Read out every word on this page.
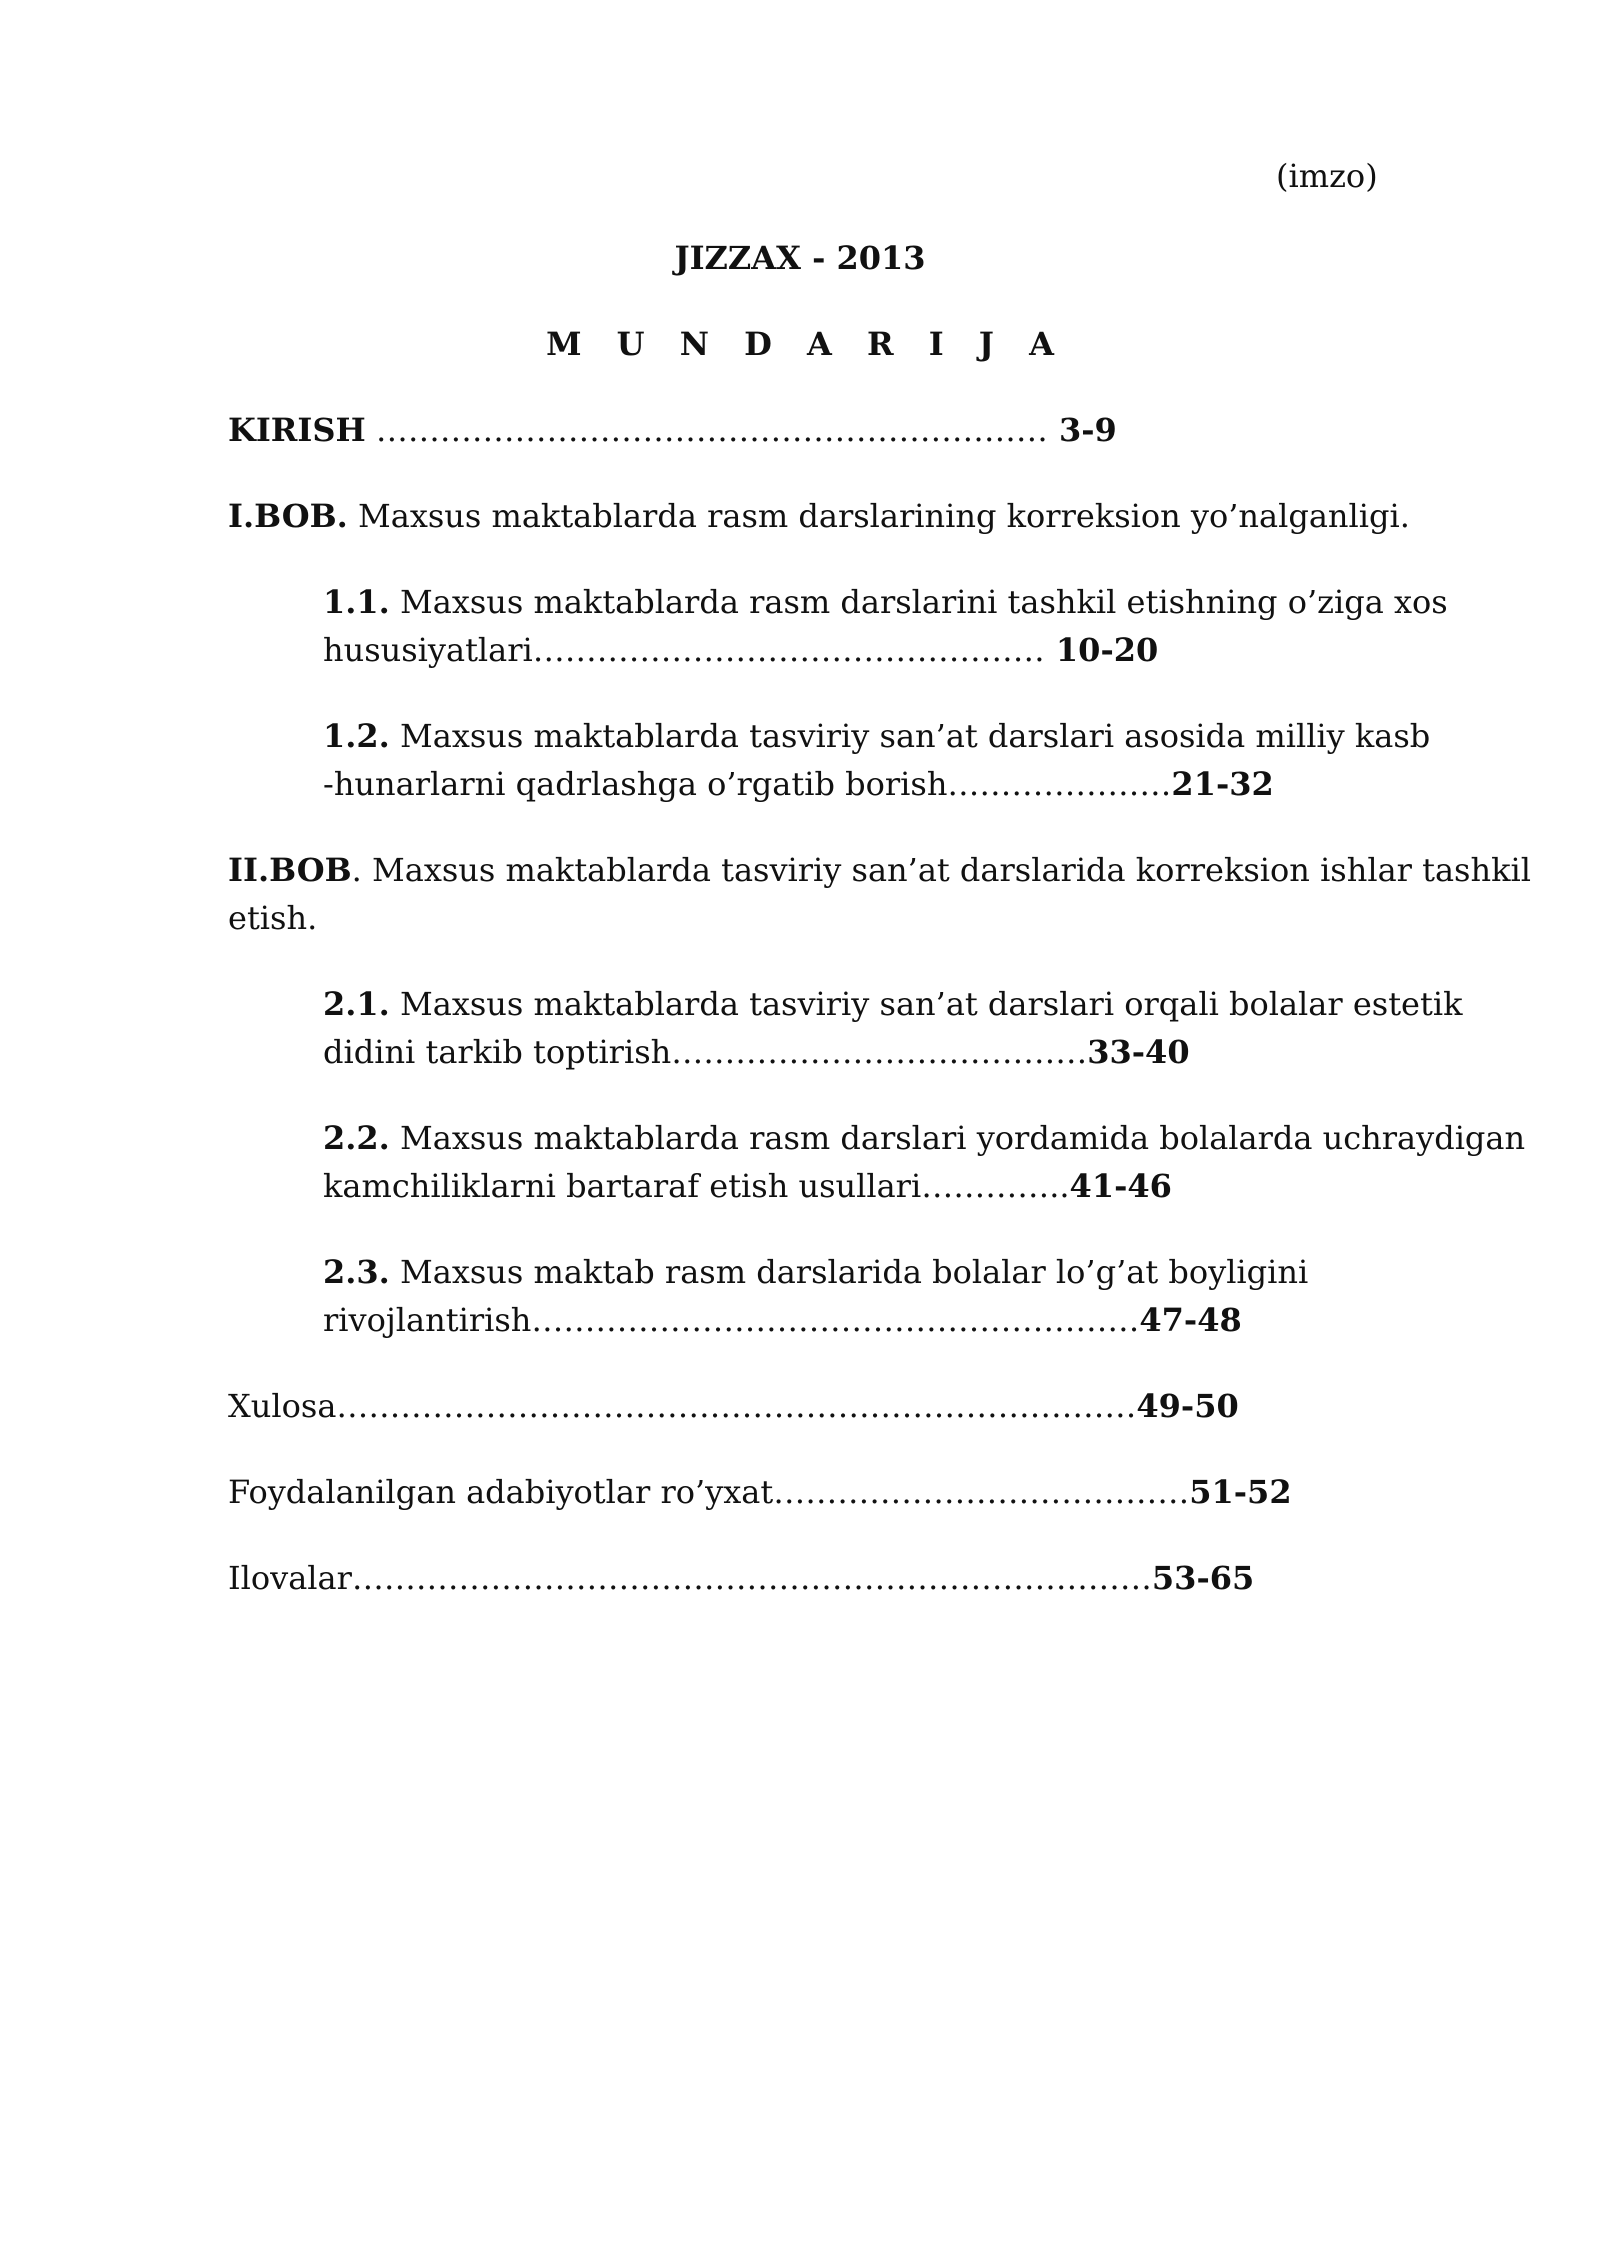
(imzo)
JIZZAX - 2013
M U N D A R I J A
KIRISH ……………………………………………………… 3-9
I.BOB. Maxsus maktablarda rasm darslarining korreksion yo’nalganligi.
1.1. Maxsus maktablarda rasm darslarini tashkil etishning o’ziga xos
hususiyatlari………………………………………… 10-20
1.2. Maxsus maktablarda tasviriy san’at darslari asosida milliy kasb
-hunarlarni qadrlashga o’rgatib borish…………………21-32
II.BOB. Maxsus maktablarda tasviriy san’at darslarida korreksion ishlar tashkil
etish.
2.1. Maxsus maktablarda tasviriy san’at darslari orqali bolalar estetik
didini tarkib toptirish…………………………………33-40
2.2. Maxsus maktablarda rasm darslari yordamida bolalarda uchraydigan
kamchiliklarni bartaraf etish usullari…………..41-46
2.3. Maxsus maktab rasm darslarida bolalar lo’g’at boyligini
rivojlantirish…………………………………………………47-48
Xulosa…………………………………………………………………49-50
Foydalanilgan adabiyotlar ro’yxat…………………………………51-52
Ilovalar…………………………………………………………………53-65
